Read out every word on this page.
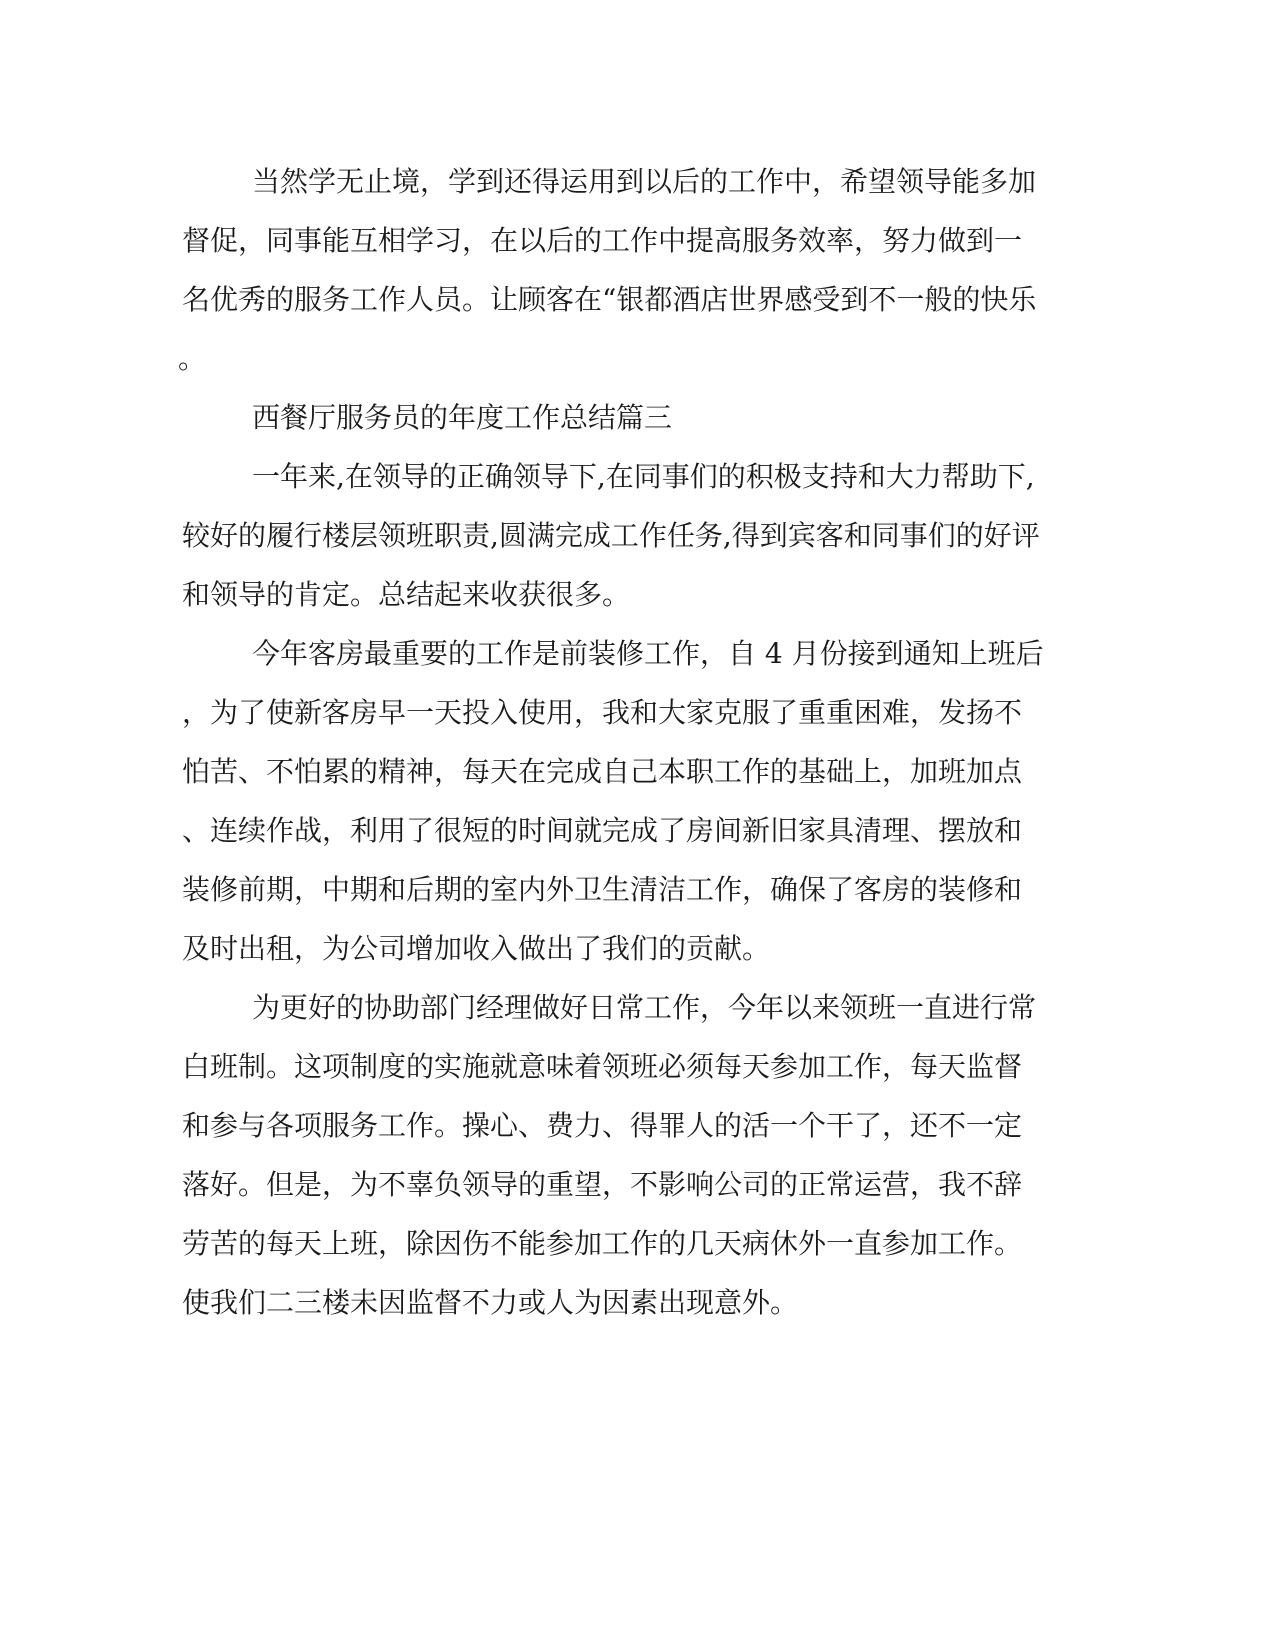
当然学无止境，学到还得运用到以后的工作中，希望领导能多加
督促，同事能互相学习，在以后的工作中提高服务效率，努力做到一
名优秀的服务工作人员。让顾客在“银都酒店世界感受到不一般的快乐
。
西餐厅服务员的年度工作总结篇三
一年来,在领导的正确领导下,在同事们的积极支持和大力帮助下,
较好的履行楼层领班职责,圆满完成工作任务,得到宾客和同事们的好评
和领导的肯定。总结起来收获很多。
今年客房最重要的工作是前装修工作，自 4 月份接到通知上班后
，为了使新客房早一天投入使用，我和大家克服了重重困难，发扬不
怕苦、不怕累的精神，每天在完成自己本职工作的基础上，加班加点
、连续作战，利用了很短的时间就完成了房间新旧家具清理、摆放和
装修前期，中期和后期的室内外卫生清洁工作，确保了客房的装修和
及时出租，为公司增加收入做出了我们的贡献。
为更好的协助部门经理做好日常工作，今年以来领班一直进行常
白班制。这项制度的实施就意味着领班必须每天参加工作，每天监督
和参与各项服务工作。操心、费力、得罪人的活一个干了，还不一定
落好。但是，为不辜负领导的重望，不影响公司的正常运营，我不辞
劳苦的每天上班，除因伤不能参加工作的几天病休外一直参加工作。
使我们二三楼未因监督不力或人为因素出现意外。
